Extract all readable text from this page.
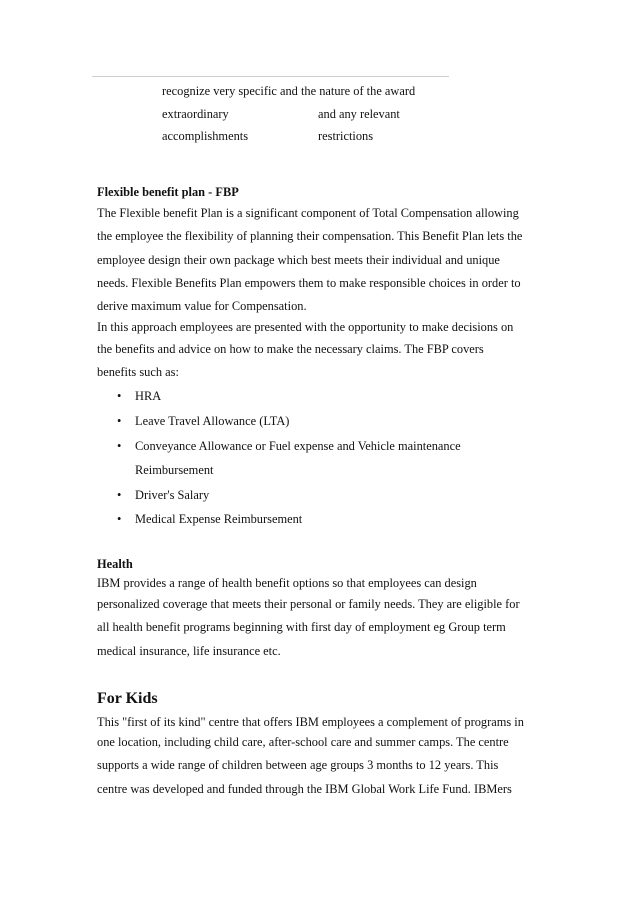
recognize very specific and the nature of the award
extraordinary	and any relevant
accomplishments	restrictions

Flexible benefit plan - FBP

The Flexible benefit Plan is a significant component of Total Compensation allowing
the employee the flexibility of planning their compensation. This Benefit Plan lets the
employee design their own package which best meets their individual and unique
needs. Flexible Benefits Plan empowers them to make responsible choices in order to
derive maximum value for Compensation.
In this approach employees are presented with the opportunity to make decisions on
the benefits and advice on how to make the necessary claims. The FBP covers
benefits such as:

• HRA
• Leave Travel Allowance (LTA)
• Conveyance Allowance or Fuel expense and Vehicle maintenance
Reimbursement
• Driver's Salary
• Medical Expense Reimbursement

Health

IBM provides a range of health benefit options so that employees can design
personalized coverage that meets their personal or family needs. They are eligible for
all health benefit programs beginning with first day of employment eg Group term
medical insurance, life insurance etc.

For Kids

This "first of its kind" centre that offers IBM employees a complement of programs in
one location, including child care, after-school care and summer camps. The centre
supports a wide range of children between age groups 3 months to 12 years. This
centre was developed and funded through the IBM Global Work Life Fund. IBMers
